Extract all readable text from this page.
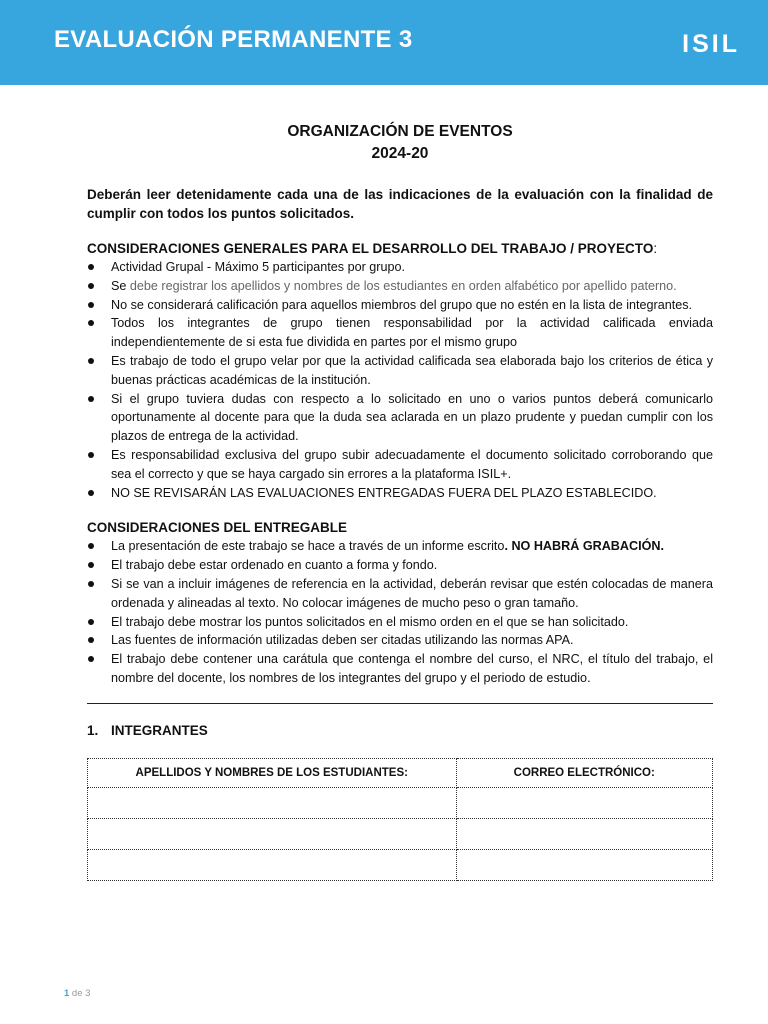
EVALUACIÓN PERMANENTE 3	ISIL
ORGANIZACIÓN DE EVENTOS
2024-20
Deberán leer detenidamente cada una de las indicaciones de la evaluación con la finalidad de cumplir con todos los puntos solicitados.
CONSIDERACIONES GENERALES PARA EL DESARROLLO DEL TRABAJO / PROYECTO:
Actividad Grupal - Máximo 5 participantes por grupo.
Se debe registrar los apellidos y nombres de los estudiantes en orden alfabético por apellido paterno.
No se considerará calificación para aquellos miembros del grupo que no estén en la lista de integrantes.
Todos los integrantes de grupo tienen responsabilidad por la actividad calificada enviada independientemente de si esta fue dividida en partes por el mismo grupo
Es trabajo de todo el grupo velar por que la actividad calificada sea elaborada bajo los criterios de ética y buenas prácticas académicas de la institución.
Si el grupo tuviera dudas con respecto a lo solicitado en uno o varios puntos deberá comunicarlo oportunamente al docente para que la duda sea aclarada en un plazo prudente y puedan cumplir con los plazos de entrega de la actividad.
Es responsabilidad exclusiva del grupo subir adecuadamente el documento solicitado corroborando que sea el correcto y que se haya cargado sin errores a la plataforma ISIL+.
NO SE REVISARÁN LAS EVALUACIONES ENTREGADAS FUERA DEL PLAZO ESTABLECIDO.
CONSIDERACIONES DEL ENTREGABLE
La presentación de este trabajo se hace a través de un informe escrito. NO HABRÁ GRABACIÓN.
El trabajo debe estar ordenado en cuanto a forma y fondo.
Si se van a incluir imágenes de referencia en la actividad, deberán revisar que estén colocadas de manera ordenada y alineadas al texto. No colocar imágenes de mucho peso o gran tamaño.
El trabajo debe mostrar los puntos solicitados en el mismo orden en el que se han solicitado.
Las fuentes de información utilizadas deben ser citadas utilizando las normas APA.
El trabajo debe contener una carátula que contenga el nombre del curso, el NRC, el título del trabajo, el nombre del docente, los nombres de los integrantes del grupo y el periodo de estudio.
1. INTEGRANTES
APELLIDOS Y NOMBRES DE LOS ESTUDIANTES:	CORREO ELECTRÓNICO:

1 de 3
